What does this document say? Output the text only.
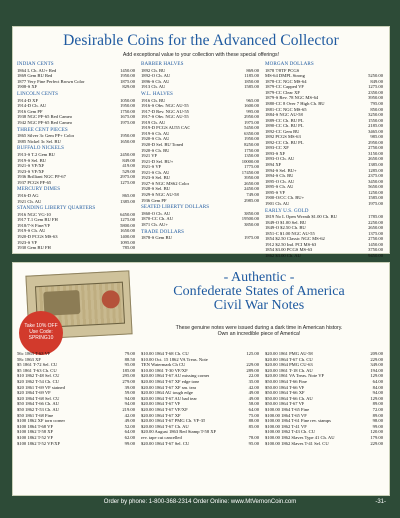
Desirable Coins for the Advanced Collector
Add exceptional value to your collection with these special offerings!
INDIAN CENTS
1864 L Ch. AU+ Red	1450.00
1869 Gem BU Red	1950.00
1877 Very Fine Perfect Brown Color	1875.00
1908-S XF	829.00
LINCOLN CENTS
1914-D XF	1050.00
1914-D Ch. AU	1950.00
1916 Gem PF	1750.00
1938 NGC PF-65 Red Cameo	1675.00
1942 NGC PF-65 Red Cameo	1975.00
THREE CENT PIECES
1865 Silver 3c Gem PF+ Color	1950.00
1885 Nickel 3c Sel. BU	1650.00
BUFFALO NICKELS
1913-S T.2 Gem BU	2450.00
1919-S Sel. BU	849.00
1921-S VF/XF	419.00
1923-S VF/XF	529.00
1936 Brilliant NGC PF-67	2975.00
1937 PCGS PF-65	1275.00
MERCURY DIMES
1916-D AG	865.00
1921 Ch. AU	1385.00
STANDING LIBERTY QUARTERS
1916 NGC VG-10	6450.00
1917 T.1 Gem BU FH	1275.00
1918/7-S Fine/VF	5800.00
1919-S Ch. AU	1650.00
1920-D PCGS MS-63	1400.00
1923-S VF	1095.00
1930 Gem BU FH	785.00
BARBER HALVES
1892 Ch. BU	869.00
1892-O Ch. AU	1185.00
1896-S Ch. AU	1850.00
1913 Ch. AU	1585.00
W.L. HALVES
1916 Ch. BU	965.00
1916-S Obv. NGC AU-55	1600.00
1917-D Rev. NGC AU-55	995.00
1917-S Obv. NGC AU-55	2950.00
1919 Ch. AU	1975.00
1919-D PCGS AU55 CAC	5450.00
1919-S Ch. AU	6350.00
1920-S Ch. AU	1950.00
1920-D Sel. BU Toned	8250.00
1920-S Ch. BU	1750.00
1921 VF	1350.00
1921-D Sel. BU+	10000.00
1921-S VF	1775.00
1921-S Ch. AU	17450.00
1923-S Sel. BU	3950.00
1927-S NGC MS62 Color	2650.00
1928-S Sel. BU	2450.00
1929-S NGC AU-58	749.00
1936 Gem PF	2985.00
SEATED LIBERTY DOLLARS
1860-O Ch. AU	3850.00
1870-CC Ch. AU	19500.00
1871 Ch. AU+	3850.00
TRADE DOLLARS
1878-S Gem BU	1975.00
MORGAN DOLLARS
1878 7/8TF PCGS
MS-64 DMPL Strong	5250.00
1878-CC NGC MS-64	849.00
1879-CC Capped VF	1275.00
1879-CC Clear XF	2350.00
1879-S Rev. 78 NGC MS-64	3950.00
1880-CC 8 Over 7 High Ch. BU	795.00
1881-CC NGC MS-65	850.00
1884-S NGC AU-58	3250.00
1889-CC Ch. BU PL	1550.00
1890-CC Ch. BU PL	2185.00
1892-CC Gem BU	3465.00
1892 PCGS MS-63	985.00
1892-CC Ch. BU PL	2950.00
1893-CC XF	2750.00
1893-S XF	3150.00
1893-O Ch. AU	2650.00
1894 XF	1385.00
1894-S Sel. BU+	1285.00
1894-S Ch. BU	2375.00
1895-O Ch. AU	3450.00
1895-S Ch. AU	5650.00
1895-S VF	1250.00
1900-O/CC Ch. BU+	1585.00
1901 Ch. AU	1975.00
EARLY U.S. GOLD
1819 No L Open Wreath $1.00 Ch. BU	1785.00
1849-O $1.00 Sel. BU	2250.00
1849-O $2.50 Ch. BU	2650.00
1851-C $1.00 NGC AU-55	1375.00
1854 $2.50 Classic NGC MS-62	2750.00
1912 $2.50 Ind. PCI MS-63	1450.00
1854 $3.00 PCGS MS-63	3750.00
1862 $3.00 Ch. AU	9450.00
Take 10% OFF
Use Code:
SPRING10
- Authentic -
Confederate States of America
Civil War Notes
These genuine notes were issued during a dark time in American history.
Own an incredible piece of America!
56c 1863 T-63 VF	79.00
58c 1863 XF	88.50
$5 1861 T-72 Sel. CU	95.00
$5 1861 T-63 Ch. CU	185.00
$10 1862 T-48 Sel. CU	295.00
$20 1862 T-54 Ch. CU	279.00
$20 1861 T-69 VF stained	39.00
$20 1864 T-69 VF	59.00
$20 1864 T-68 Sel. CU	94.00
$50 1864 T-66 Ch. AU	94.00
$50 1862 T-53 Ch. AU	219.00
$50 1861 T-68 Fine	42.00
$100 1862 XF torn corner	49.00
$100 1864 T-68 VF	52.00
$100 1862 T-58 XF	64.00
$100 1862 T-52 VF	62.00
$100 1862 T-52 VF/XF	99.00
$10.00 1864 T-68 Ch. CU	125.00
$10.00 Oct. 15 1862 VA Treas. Note
TEN Watermark Ch CU	229.00
$10.00 1861 T-30 VF/XF	289.00
$20.00 1864 T-67 AU missing corner	22.00
$20.00 1864 T-67 XF edge tone	35.00
$20.00 1864 T-67 XF sm. tear	42.00
$20.00 1864 AU tough edge	49.00
$20.00 1864 T-67 AU bad tear	49.00
$20.00 1864 T-67 VF	58.00
$20.00 1864 T-67 VF/XF	64.00
$20.00 1864 T-67 XF	75.00
$20.00 1864 T-67 PMG Ch. VF-35	88.00
$20.00 1864 T-67 Ch. AU	85.00
$20.00 August 1863 Red Stamp T-58 XF
rev. tape cut cancelled	78.00
$20.00 1864 T-67 Sel. CU	95.00
$20.00 1861 PMG AU-58	209.00
$20.00 1864 T-67 Ch. CU	229.00
$20.00 1864 PMG CU-63	349.00
$20.00 1861 T-18 Ch. AU	194.00
$20.00 1861 VA Treas. Note VF	129.00
$50.00 1864 T-66 Fine	64.00
$50.00 1864 T-66 VF	84.00
$50.00 1864 T-66 XF	94.00
$50.00 1864 T-66 Ch. AU	129.00
$50.00 1864 T-67 VF	89.00
$100.00 1864 T-65 Fine	72.00
$100.00 1864 T-65 VF	89.00
$100.00 1864 T-61 Fine rev. stamps	98.00
$100.00 1862 T-41 VF	99.00
$100.00 1862 T-43 Ch. CU	120.00
$100.00 1862 Slaves Type 41 Ch. AU	179.00
$100.00 1862 Slaves T-41 Sel. CU	229.00
Order by phone: 1-800-368-2314 Order Online: www.MtVernonCoin.com	-31-
